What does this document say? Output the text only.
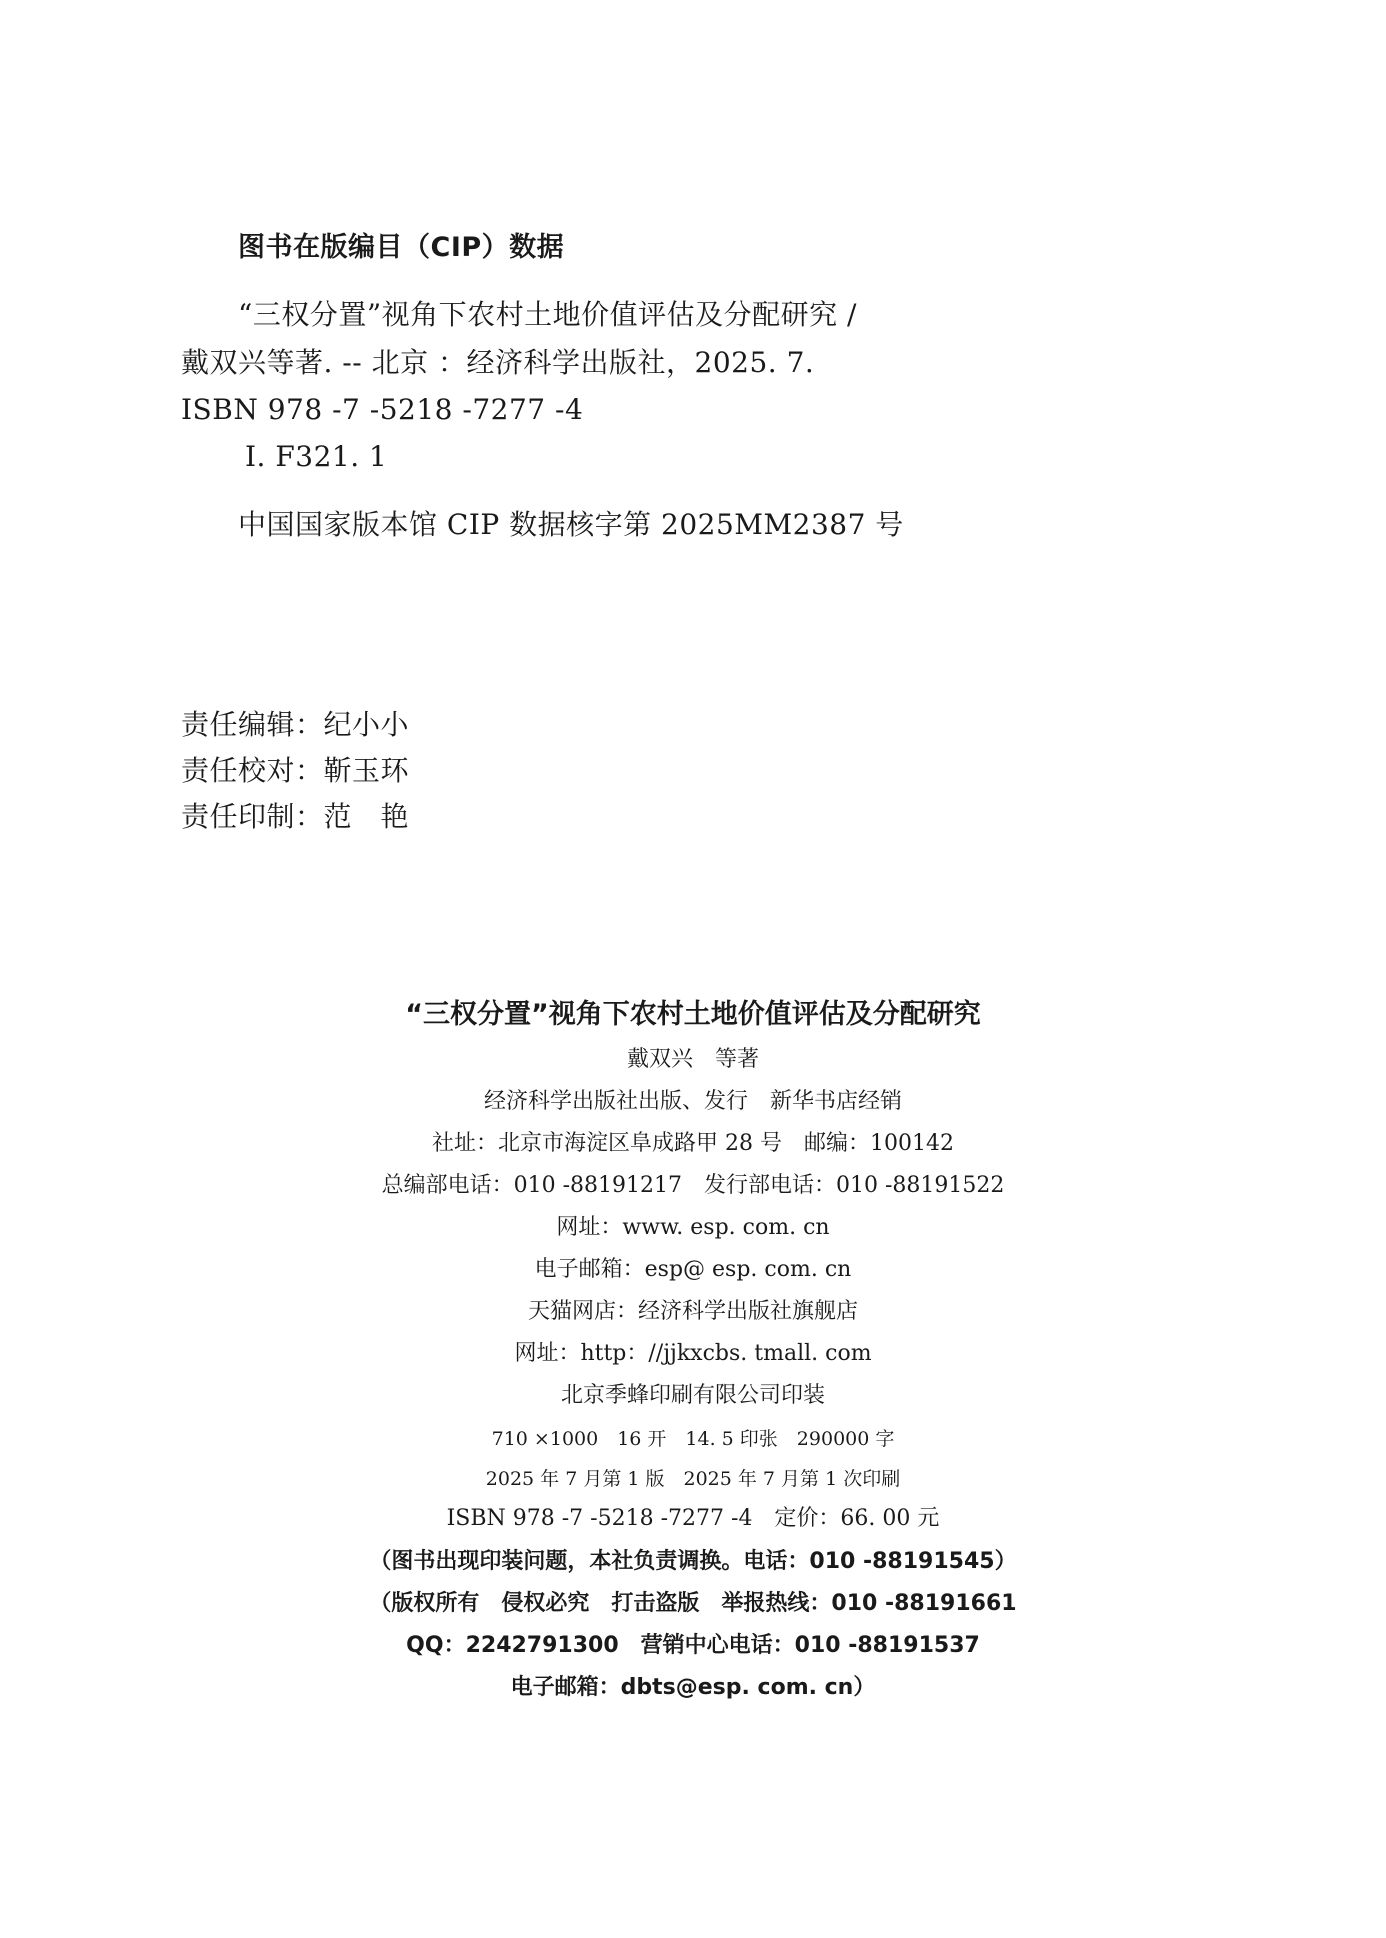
图书在版编目（CIP）数据
“三权分置”视角下农村土地价值评估及分配研究 /
戴双兴等著. -- 北京 ：经济科学出版社，2025. 7.
ISBN 978 -7 -5218 -7277 -4
Ⅰ. F321. 1
中国国家版本馆 CIP 数据核字第 2025MM2387 号
责任编辑：纪小小
责任校对：靳玉环
责任印制：范　艳
“三权分置”视角下农村土地价值评估及分配研究
戴双兴　等著
经济科学出版社出版、发行　新华书店经销
社址：北京市海淀区阜成路甲 28 号　邮编：100142
总编部电话：010 -88191217　发行部电话：010 -88191522
网址：www. esp. com. cn
电子邮箱：esp@ esp. com. cn
天猫网店：经济科学出版社旗舰店
网址：http：//jjkxcbs. tmall. com
北京季蜂印刷有限公司印装
710 ×1000　16 开　14. 5 印张　290000 字
2025 年 7 月第 1 版　2025 年 7 月第 1 次印刷
ISBN 978 -7 -5218 -7277 -4　定价：66. 00 元
（图书出现印装问题，本社负责调换。电话：010 -88191545）
（版权所有　侵权必究　打击盗版　举报热线：010 -88191661
QQ：2242791300　营销中心电话：010 -88191537
电子邮箱：dbts@esp. com. cn）
